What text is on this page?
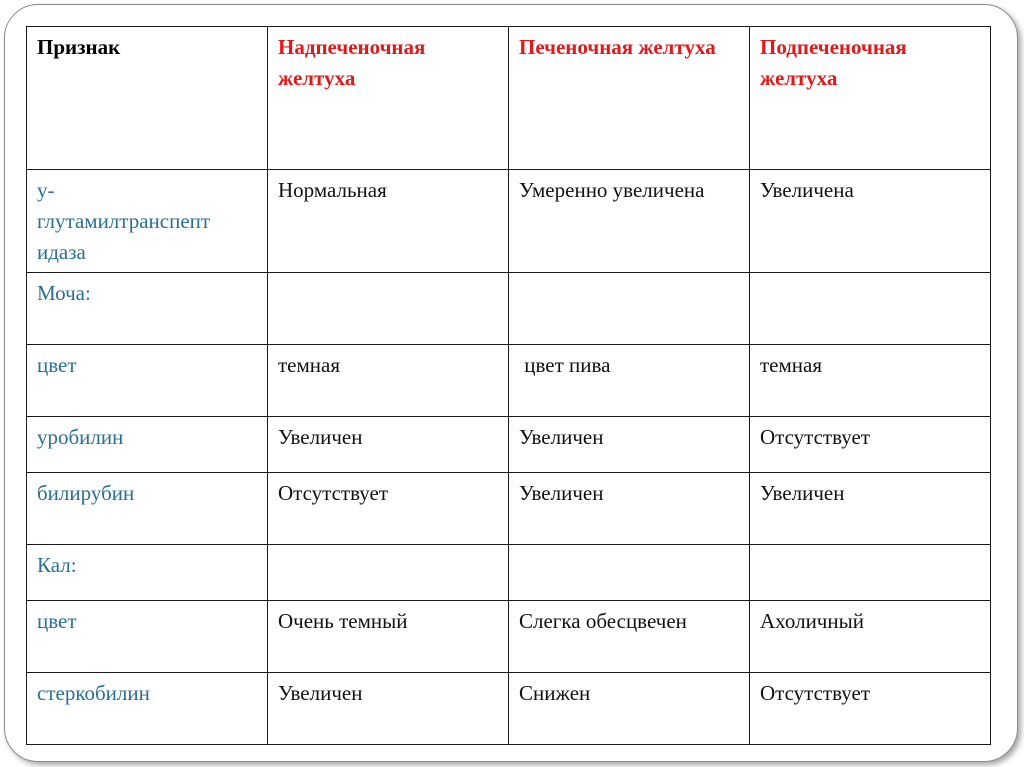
Признак	Надпеченочная желтуха	Печеночная желтуха	Подпеченочная желтуха

у-
глутамилтранспепт
идаза	Нормальная	Умеренно увеличена	Увеличена
Моча:			
цвет	темная	цвет пива	темная
уробилин	Увеличен	Увеличен	Отсутствует
билирубин	Отсутствует	Увеличен	Увеличен
Кал:			
цвет	Очень темный	Слегка обесцвечен	Ахоличный
стеркобилин	Увеличен	Снижен	Отсутствует
